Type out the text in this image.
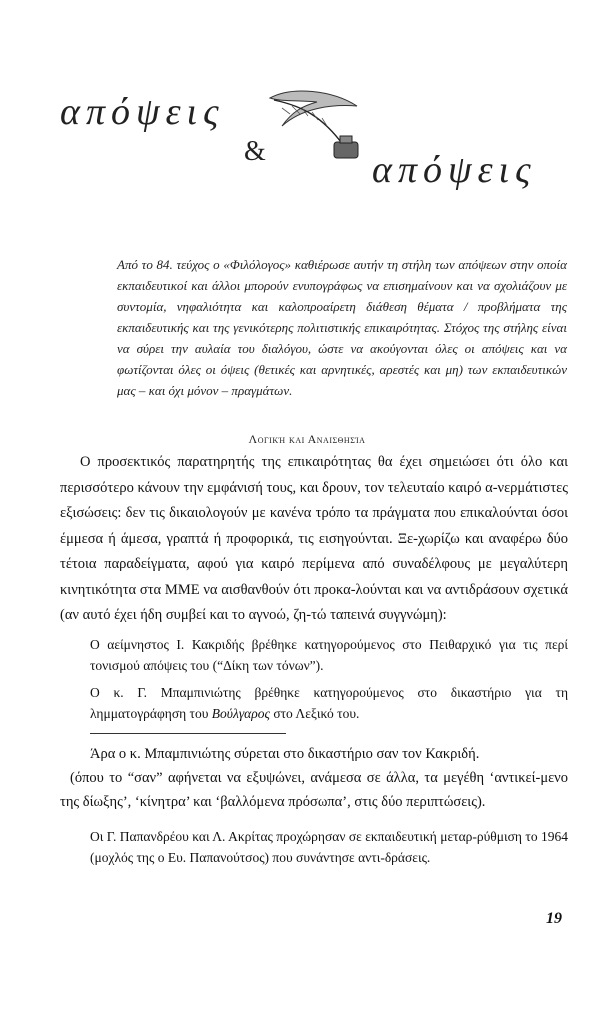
απόψεις
&	απόψεις
Από το 84. τεύχος ο «Φιλόλογος» καθιέρωσε αυτήν τη στήλη των απόψεων στην οποία εκπαιδευτικοί και άλλοι μπορούν ενυπογράφως να επισημαίνουν και να σχολιάζουν με συντομία, νηφαλιότητα και καλοπροαίρετη διάθεση θέματα / προβλήματα της εκπαιδευτικής και της γενικότερης πολιτιστικής επικαιρότητας. Στόχος της στήλης είναι να σύρει την αυλαία του διαλόγου, ώστε να ακούγονται όλες οι απόψεις και να φωτίζονται όλες οι όψεις (θετικές και αρνητικές, αρεστές και μη) των εκπαιδευτικών μας – και όχι μόνον – πραγμάτων.
Λογική και Αναισθησία
Ο προσεκτικός παρατηρητής της επικαιρότητας θα έχει σημειώσει ότι όλο και περισσότερο κάνουν την εμφάνισή τους, και δρουν, τον τελευταίο καιρό α-νερμάτιστες εξισώσεις: δεν τις δικαιολογούν με κανένα τρόπο τα πράγματα που επικαλούνται όσοι έμμεσα ή άμεσα, γραπτά ή προφορικά, τις εισηγούνται. Ξε-χωρίζω και αναφέρω δύο τέτοια παραδείγματα, αφού για καιρό περίμενα από συναδέλφους με μεγαλύτερη κινητικότητα στα ΜΜΕ να αισθανθούν ότι προκα-λούνται και να αντιδράσουν σχετικά (αν αυτό έχει ήδη συμβεί και το αγνοώ, ζη-τώ ταπεινά συγγνώμη):

Ο αείμνηστος Ι. Κακριδής βρέθηκε κατηγορούμενος στο Πειθαρχικό για τις περί τονισμού απόψεις του (“Δίκη των τόνων”).

Ο κ. Γ. Μπαμπινιώτης βρέθηκε κατηγορούμενος στο δικαστήριο για τη λημματογράφηση του Βούλγαρος στο Λεξικό του.

Άρα ο κ. Μπαμπινιώτης σύρεται στο δικαστήριο σαν τον Κακριδή.
(όπου το “σαν” αφήνεται να εξυψώνει, ανάμεσα σε άλλα, τα μεγέθη ‘αντικεί-μενο της δίωξης’, ‘κίνητρα’ και ‘βαλλόμενα πρόσωπα’, στις δύο περιπτώσεις).
Οι Γ. Παπανδρέου και Λ. Ακρίτας προχώρησαν σε εκπαιδευτική μεταρ-ρύθμιση το 1964 (μοχλός της ο Ευ. Παπανούτσος) που συνάντησε αντι-δράσεις.
19
